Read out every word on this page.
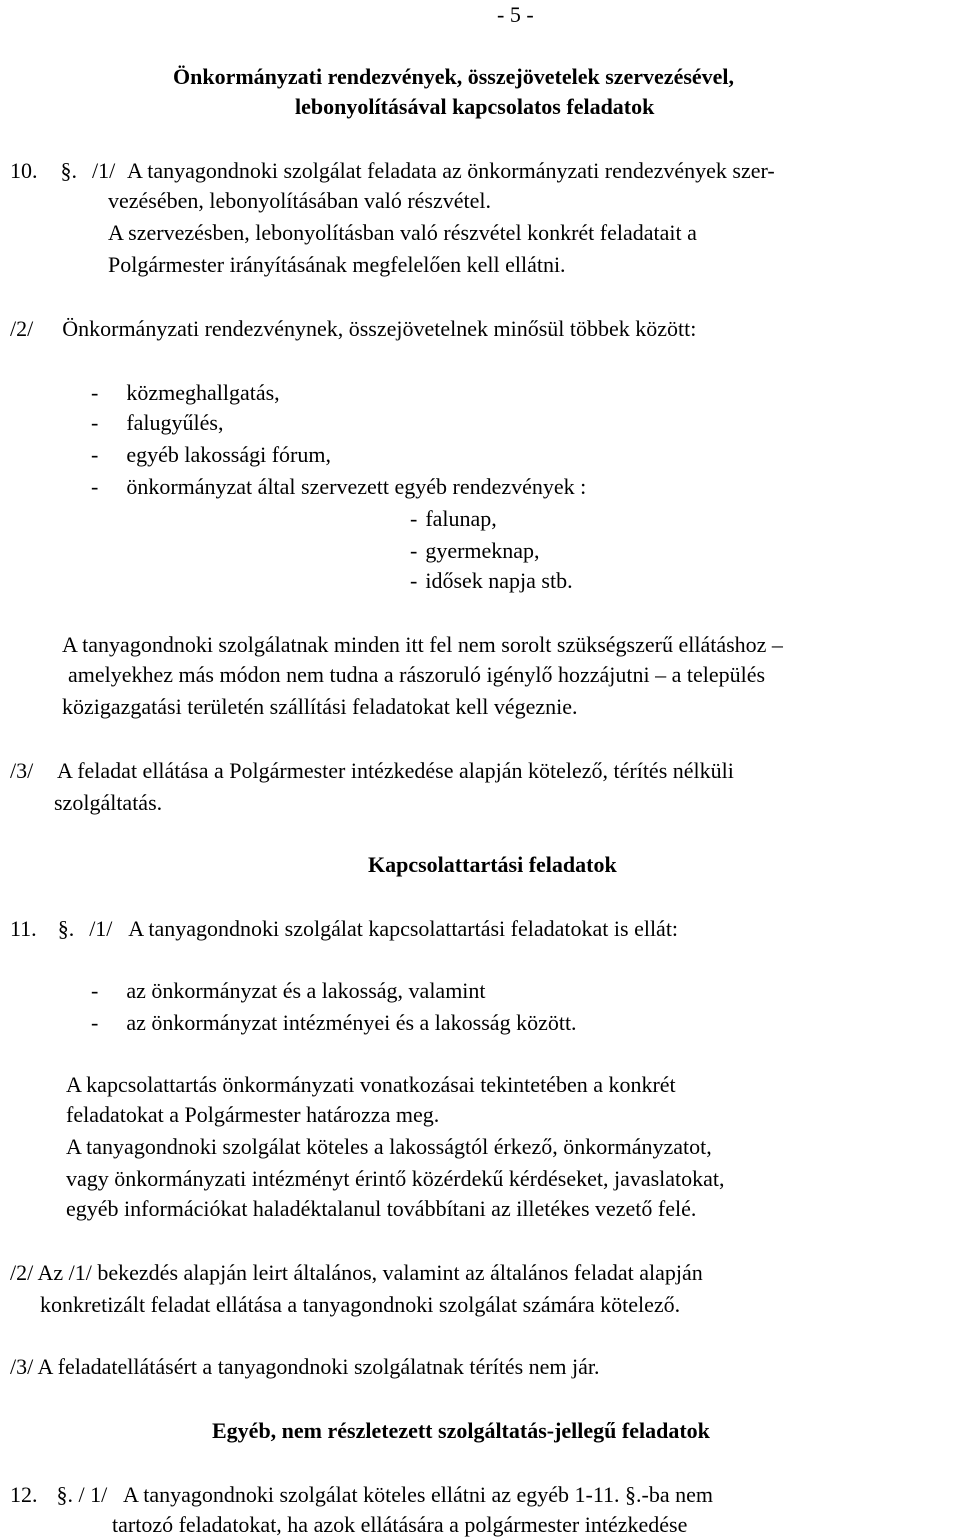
- 5 -
Önkormányzati rendezvények, összejövetelek szervezésével,
lebonyolításával kapcsolatos feladatok
10. §. /1/ A tanyagondnoki szolgálat feladata az önkormányzati rendezvények szer-
vezésében, lebonyolításában való részvétel.
A szervezésben, lebonyolításban való részvétel konkrét feladatait a
Polgármester irányításának megfelelően kell ellátni.
/2/ Önkormányzati rendezvénynek, összejövetelnek minősül többek között:
- közmeghallgatás,
- falugyűlés,
- egyéb lakossági fórum,
- önkormányzat által szervezett egyéb rendezvények :
- falunap,
- gyermeknap,
- idősek napja stb.
A tanyagondnoki szolgálatnak minden itt fel nem sorolt szükségszerű ellátáshoz –
amelyekhez más módon nem tudna a rászoruló igénylő hozzájutni – a település
közigazgatási területén szállítási feladatokat kell végeznie.
/3/ A feladat ellátása a Polgármester intézkedése alapján kötelező, térítés nélküli
szolgáltatás.
Kapcsolattartási feladatok
11. §. /1/ A tanyagondnoki szolgálat kapcsolattartási feladatokat is ellát:
- az önkormányzat és a lakosság, valamint
- az önkormányzat intézményei és a lakosság között.
A kapcsolattartás önkormányzati vonatkozásai tekintetében a konkrét
feladatokat a Polgármester határozza meg.
A tanyagondnoki szolgálat köteles a lakosságtól érkező, önkormányzatot,
vagy önkormányzati intézményt érintő közérdekű kérdéseket, javaslatokat,
egyéb információkat haladéktalanul továbbítani az illetékes vezető felé.
/2/ Az /1/ bekezdés alapján leirt általános, valamint az általános feladat alapján
konkretizált feladat ellátása a tanyagondnoki szolgálat számára kötelező.
/3/ A feladatellátásért a tanyagondnoki szolgálatnak térítés nem jár.
Egyéb, nem részletezett szolgáltatás-jellegű feladatok
12. §. / 1/ A tanyagondnoki szolgálat köteles ellátni az egyéb 1-11. §.-ba nem
tartozó feladatokat, ha azok ellátására a polgármester intézkedése
